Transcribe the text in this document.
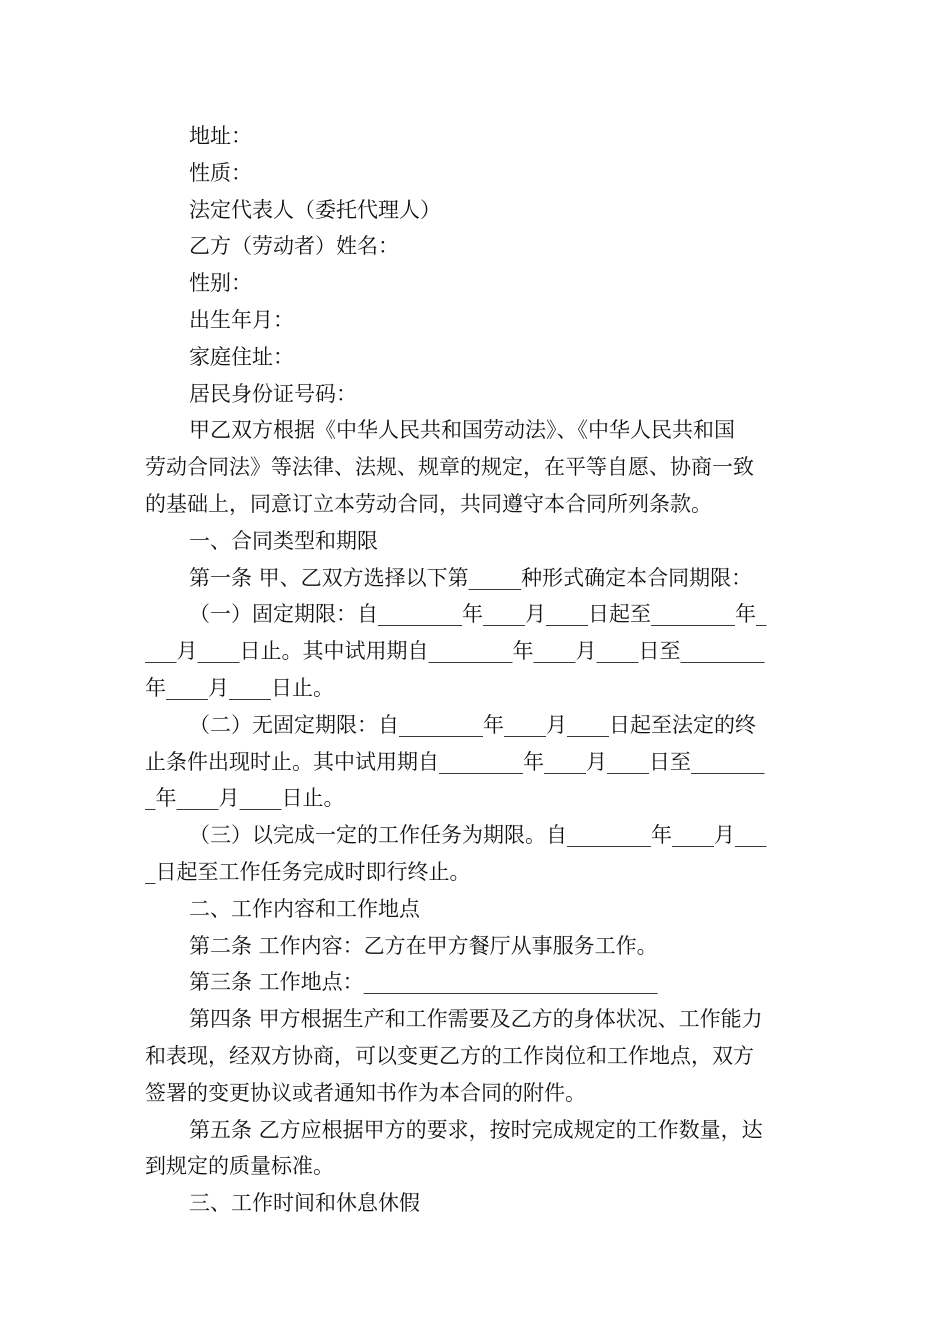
地址：
性质：
法定代表人（委托代理人）
乙方（劳动者）姓名：
性别：
出生年月：
家庭住址：
居民身份证号码：
甲乙双方根据《中华人民共和国劳动法》、《中华人民共和国
劳动合同法》等法律、法规、规章的规定，在平等自愿、协商一致
的基础上，同意订立本劳动合同，共同遵守本合同所列条款。
一、合同类型和期限
第一条 甲、乙双方选择以下第_____种形式确定本合同期限：
（一）固定期限：自________年____月____日起至________年_
___月____日止。其中试用期自________年____月____日至________
年____月____日止。
（二）无固定期限：自________年____月____日起至法定的终
止条件出现时止。其中试用期自________年____月____日至_______
_年____月____日止。
（三）以完成一定的工作任务为期限。自________年____月___
_日起至工作任务完成时即行终止。
二、工作内容和工作地点
第二条 工作内容：乙方在甲方餐厅从事服务工作。
第三条 工作地点：____________________________
第四条 甲方根据生产和工作需要及乙方的身体状况、工作能力
和表现，经双方协商，可以变更乙方的工作岗位和工作地点，双方
签署的变更协议或者通知书作为本合同的附件。
第五条 乙方应根据甲方的要求，按时完成规定的工作数量，达
到规定的质量标准。
三、工作时间和休息休假
